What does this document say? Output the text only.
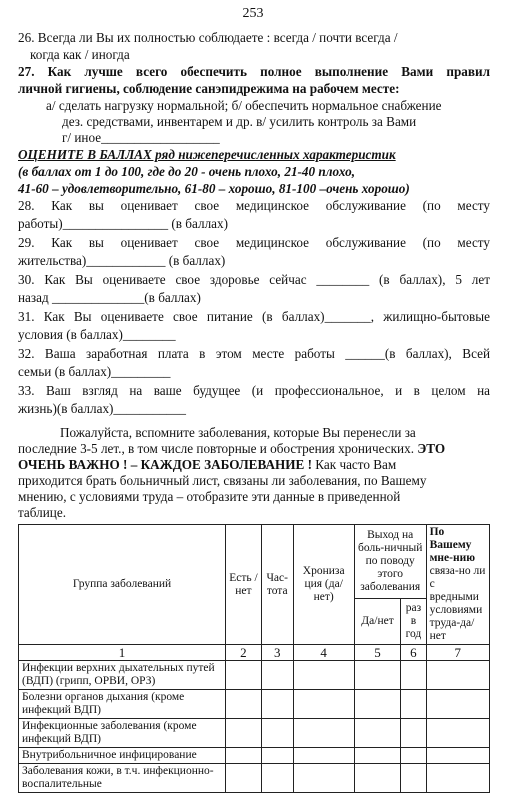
253
26. Всегда ли Вы их полностью соблюдаете : всегда / почти всегда /
когда как / иногда
27. Как лучше всего обеспечить полное выполнение Вами правил
личной гигиены, соблюдение санэпидрежима на рабочем месте:
а/ сделать нагрузку нормальной; б/ обеспечить нормальное снабжение
дез. средствами, инвентарем и др. в/ усилить контроль за Вами
г/ иное__________________
ОЦЕНИТЕ В БАЛЛАХ ряд нижеперечисленных характеристик
(в баллах от 1 до 100, где до 20 - очень плохо, 21-40 плохо,
41-60 – удовлетворительно, 61-80 – хорошо, 81-100 –очень хорошо)
28. Как вы оценивает свое медицинское обслуживание (по месту
работы)________________ (в баллах)
29. Как вы оценивает свое медицинское обслуживание (по месту
жительства)____________ (в баллах)
30. Как Вы оцениваете свое здоровье сейчас ________ (в баллах), 5 лет
назад ______________(в баллах)
31. Как Вы оцениваете свое питание (в баллах)_______, жилищно-бытовые
условия (в баллах)________
32. Ваша заработная плата в этом месте работы ______(в баллах), Всей
семьи (в баллах)_________
33. Ваш взгляд на ваше будущее (и профессиональное, и в целом на
жизнь)(в баллах)___________
Пожалуйста, вспомните заболевания, которые Вы перенесли за
последние 3-5 лет., в том числе повторные и обострения хронических. ЭТО
ОЧЕНЬ ВАЖНО ! – КАЖДОЕ ЗАБОЛЕВАНИЕ ! Как часто Вам
приходится брать больничный лист, связаны ли заболевания, по Вашему
Группа заболеваний	Есть / нет	Час-тота	Хрониза ция (да/нет)	Выход на боль-ничный по поводу этого заболевания		По Вашему мне-нию связа-но ли с вредными условиями труда-да/нет
				Да/нет	раз в год	
1	2	3	4	5	6	7
Инфекции верхних дыхательных путей (ВДП) (грипп, ОРВИ, ОРЗ)						
Болезни органов дыхания (кроме инфекций ВДП)						
Инфекционные заболевания (кроме инфекций ВДП)						
Внутрибольничное инфицирование						
Заболевания кожи, в т.ч. инфекционно-воспалительные						
мнению, с условиями труда – отобразите эти данные в приведенной
таблице.
